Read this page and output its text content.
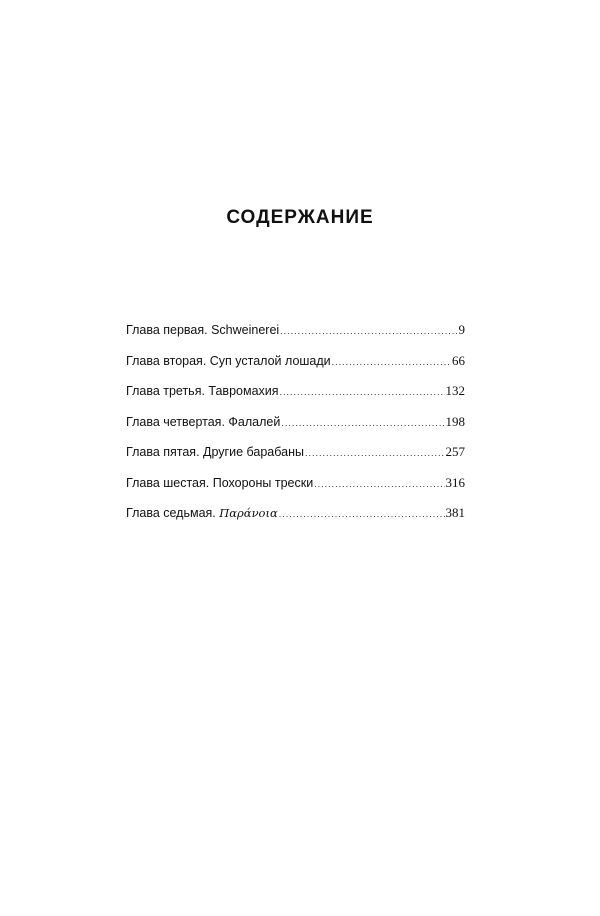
СОДЕРЖАНИЕ
Глава первая. Schweinerei .....	9
Глава вторая. Суп усталой лошади .....	66
Глава третья. Тавромахия .....	132
Глава четвертая. Фалалей .....	198
Глава пятая. Другие барабаны .....	257
Глава шестая. Похороны трески .....	316
Глава седьмая. Παράνοια .....	381
